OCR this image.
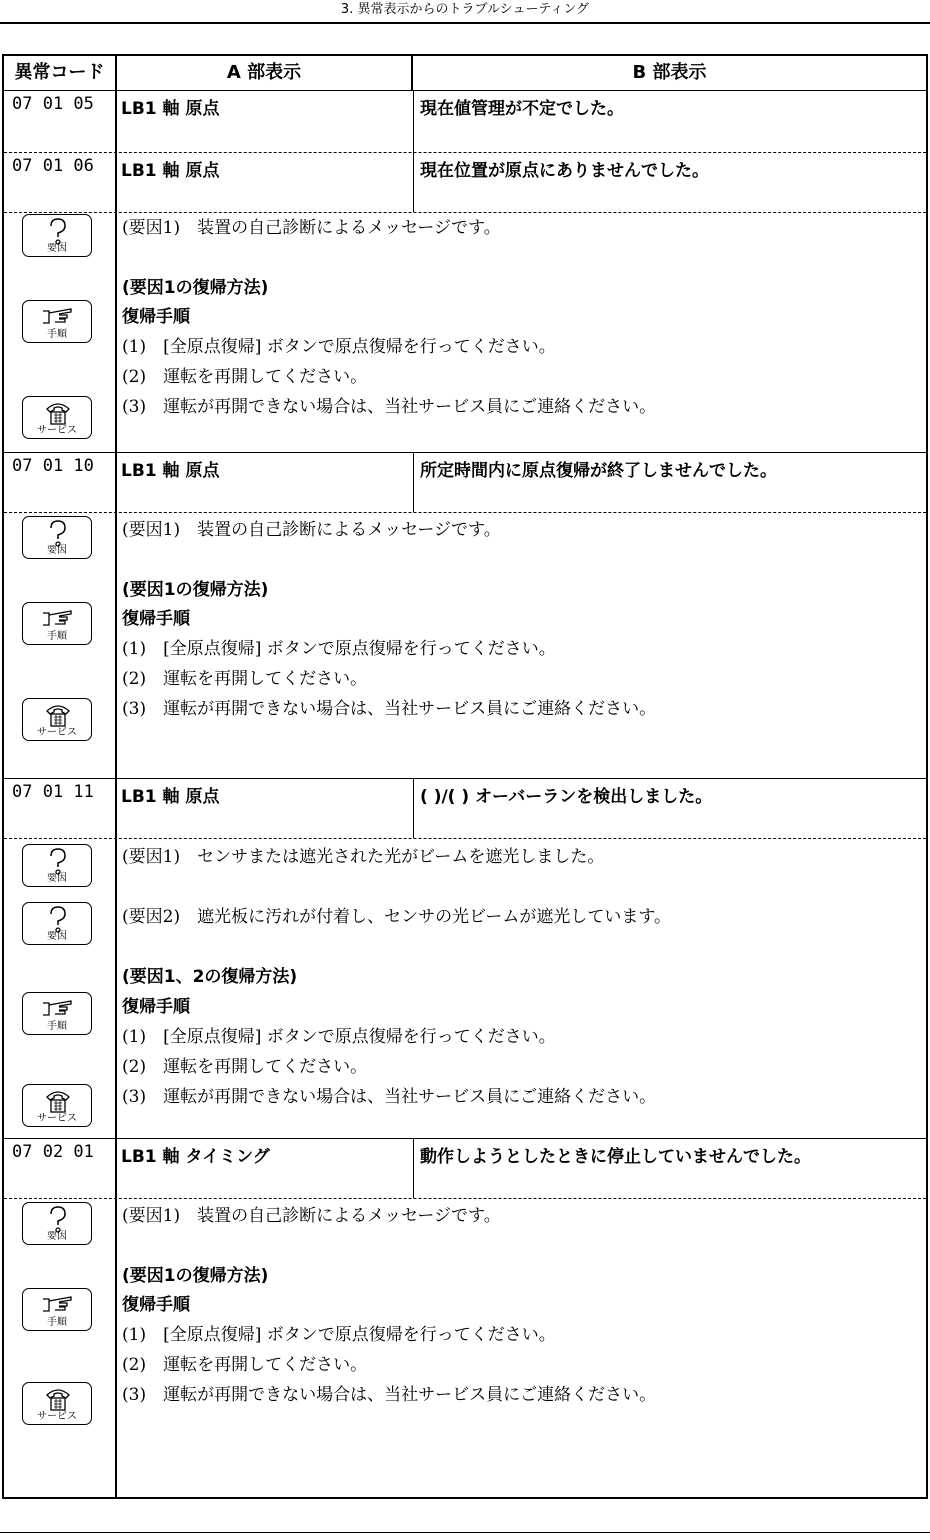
3. 異常表示からのトラブルシューティング
異常コード	A 部表示	B 部表示
07 01 05 LB1 軸 原点	現在値管理が不定でした。
07 01 06 LB1 軸 原点	現在位置が原点にありませんでした。
要因
(要因1)　装置の自己診断によるメッセージです。
(要因1の復帰方法)
手順
復帰手順
(1)　[全原点復帰] ボタンで原点復帰を行ってください。
(2)　運転を再開してください。
サービス
(3)　運転が再開できない場合は、当社サービス員にご連絡ください。
07 01 10 LB1 軸 原点	所定時間内に原点復帰が終了しませんでした。
要因
(要因1)　装置の自己診断によるメッセージです。
(要因1の復帰方法)
手順
復帰手順
(1)　[全原点復帰] ボタンで原点復帰を行ってください。
(2)　運転を再開してください。
サービス
(3)　運転が再開できない場合は、当社サービス員にご連絡ください。
07 01 11 LB1 軸 原点	( )/( ) オーバーランを検出しました。
要因
(要因1)　センサまたは遮光された光がビームを遮光しました。
要因
(要因2)　遮光板に汚れが付着し、センサの光ビームが遮光しています。
(要因1、2の復帰方法)
手順
復帰手順
(1)　[全原点復帰] ボタンで原点復帰を行ってください。
(2)　運転を再開してください。
サービス
(3)　運転が再開できない場合は、当社サービス員にご連絡ください。
07 02 01 LB1 軸 タイミング	動作しようとしたときに停止していませんでした。
要因
(要因1)　装置の自己診断によるメッセージです。
(要因1の復帰方法)
手順
復帰手順
(1)　[全原点復帰] ボタンで原点復帰を行ってください。
(2)　運転を再開してください。
サービス
(3)　運転が再開できない場合は、当社サービス員にご連絡ください。
